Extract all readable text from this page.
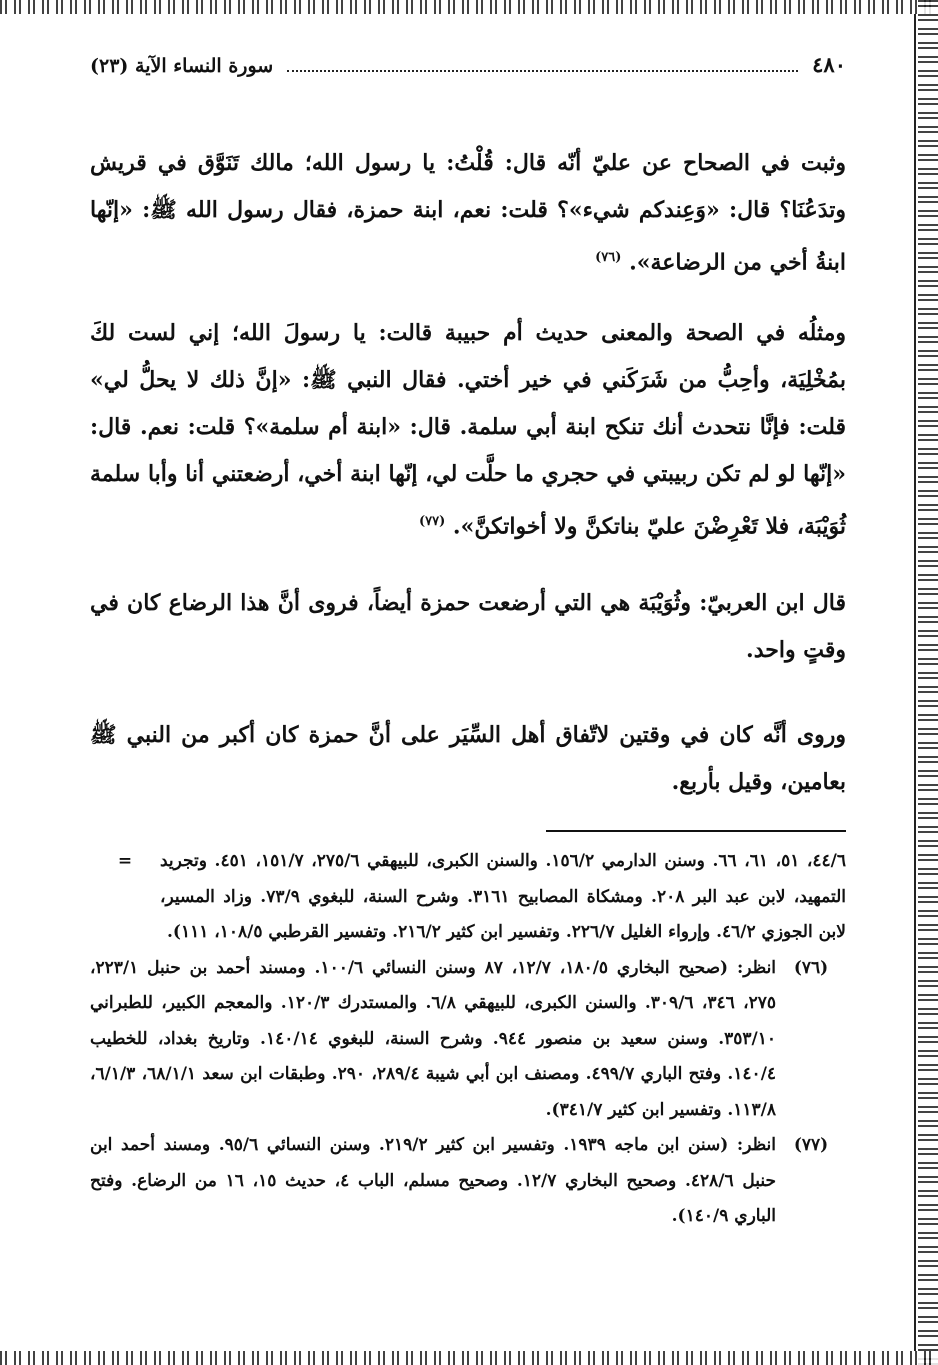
٤٨٠
سورة النساء الآية (٢٣)

وثبت في الصحاح عن عليّ أنّه قال: قُلْتُ: يا رسول الله؛ مالك تَنَوَّق في قريش وتدَعُنَا؟ قال: «وَعِندكم شيء»؟ قلت: نعم، ابنة حمزة، فقال رسول الله ﷺ: «إنّها ابنةُ أخي من الرضاعة». $^{(٧٦)}$

ومثلُه في الصحة والمعنى حديث أم حبيبة قالت: يا رسولَ الله؛ إني لست لكَ بمُخْلِيَة، وأحِبُّ من شَرَكَني في خير أختي. فقال النبي ﷺ: «إنَّ ذلك لا يحلُّ لي» قلت: فإنَّا نتحدث أنك تنكح ابنة أبي سلمة. قال: «ابنة أم سلمة»؟ قلت: نعم. قال: «إنّها لو لم تكن ربيبتي في حجري ما حلَّت لي، إنّها ابنة أخي، أرضعتني أنا وأبا سلمة ثُوَيْبَة، فلا تَعْرِضْنَ عليّ بناتكنَّ ولا أخواتكنَّ». $^{(٧٧)}$

قال ابن العربيّ: وثُوَيْبَة هي التي أرضعت حمزة أيضاً، فروى أنَّ هذا الرضاع كان في وقتٍ واحد.

وروى أنَّه كان في وقتين لاتّفاق أهل السِّيَر على أنَّ حمزة كان أكبر من النبي ﷺ بعامين، وقيل بأربع.

٤٤/٦، ٥١، ٦١، ٦٦. وسنن الدارمي ١٥٦/٢. والسنن الكبرى، للبيهقي ٢٧٥/٦، ١٥١/٧، ٤٥١. وتجريد التمهيد، لابن عبد البر ٢٠٨. ومشكاة المصابيح ٣١٦١. وشرح السنة، للبغوي ٧٣/٩. وزاد المسير، لابن الجوزي ٤٦/٢. وإرواء الغليل ٢٢٦/٧. وتفسير ابن كثير ٢١٦/٢. وتفسير القرطبي ١٠٨/٥، ١١١).
=
(٧٦)
انظر: (صحيح البخاري ١٨٠/٥، ١٢/٧، ٨٧ وسنن النسائي ١٠٠/٦. ومسند أحمد بن حنبل ٢٢٣/١، ٢٧٥، ٣٤٦، ٣٠٩/٦. والسنن الكبرى، للبيهقي ٦/٨. والمستدرك ١٢٠/٣. والمعجم الكبير، للطبراني ٣٥٣/١٠. وسنن سعيد بن منصور ٩٤٤. وشرح السنة، للبغوي ١٤٠/١٤. وتاريخ بغداد، للخطيب ١٤٠/٤. وفتح الباري ٤٩٩/٧. ومصنف ابن أبي شيبة ٢٨٩/٤، ٢٩٠. وطبقات ابن سعد ٦٨/١/١، ٦/١/٣، ١١٣/٨. وتفسير ابن كثير ٣٤١/٧).
(٧٧)
انظر: (سنن ابن ماجه ١٩٣٩. وتفسير ابن كثير ٢١٩/٢. وسنن النسائي ٩٥/٦. ومسند أحمد ابن حنبل ٤٢٨/٦. وصحيح البخاري ١٢/٧. وصحيح مسلم، الباب ٤، حديث ١٥، ١٦ من الرضاع. وفتح الباري ١٤٠/٩).
